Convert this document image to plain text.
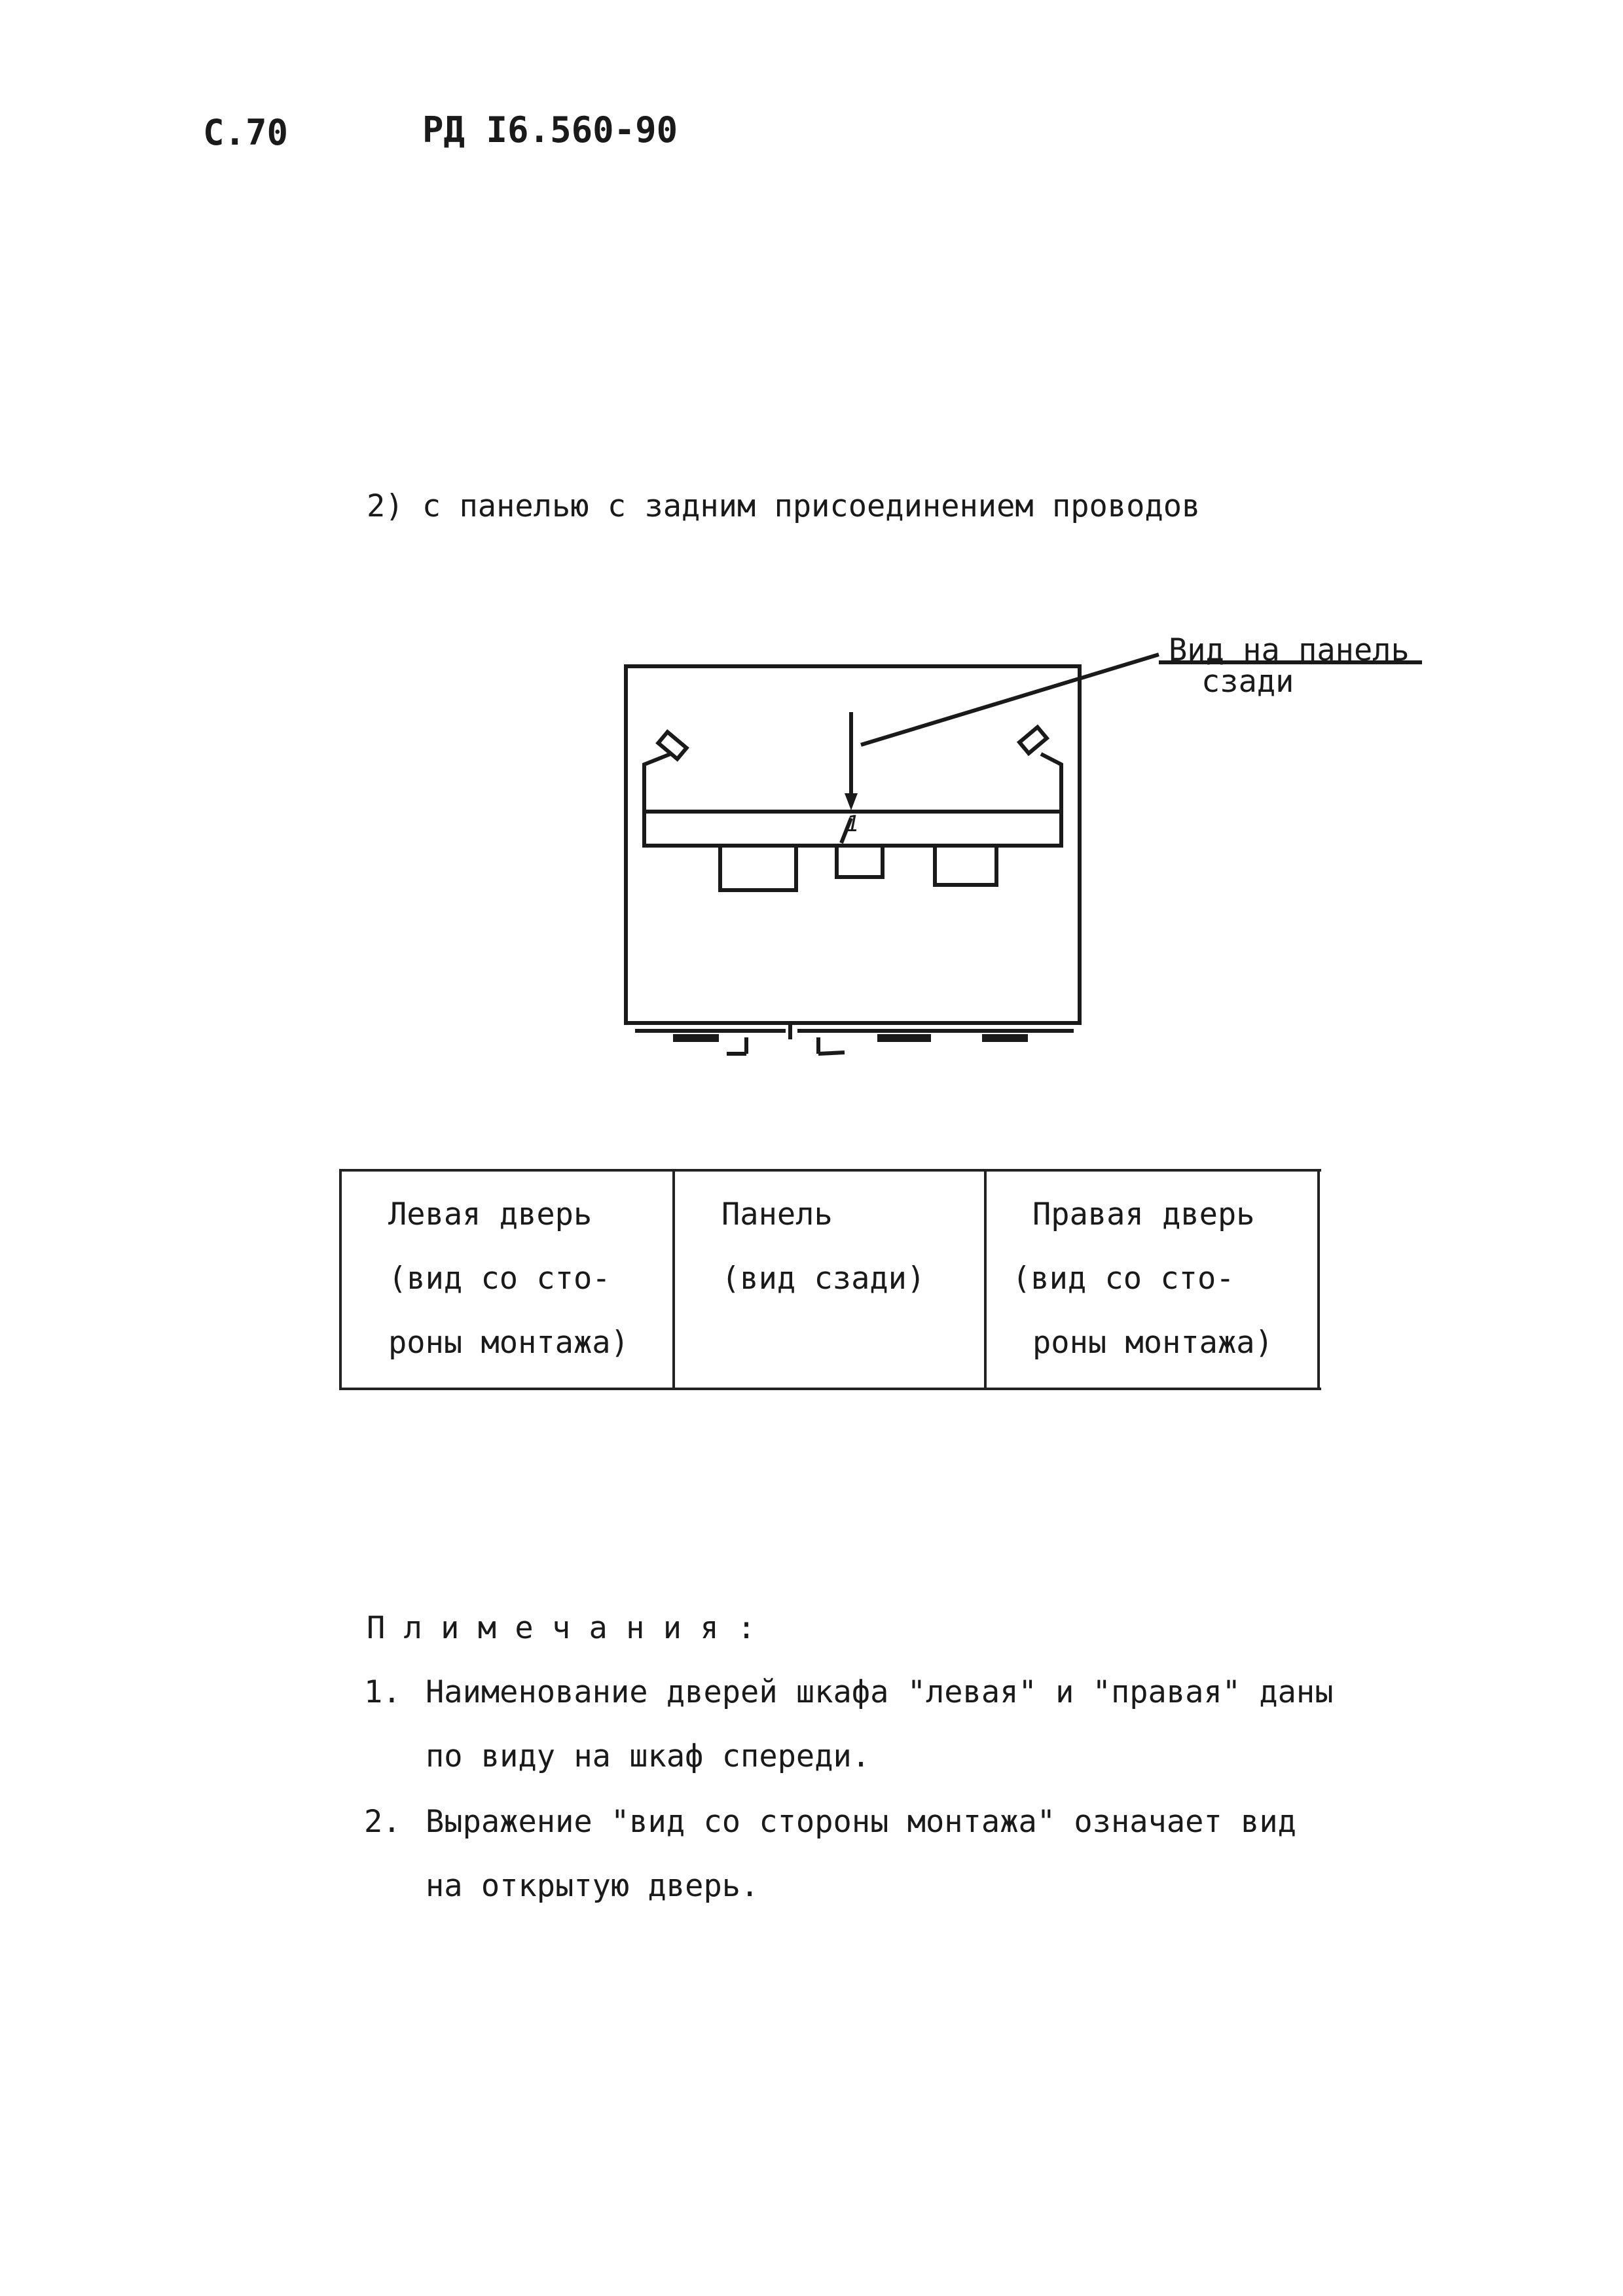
С.70	РД I6.560-90
2) с панелью с задним присоединением проводов
Вид на панель
сзади
1
Левая дверь
(вид со сто-
роны монтажа)
Панель
(вид сзади)
Правая дверь
(вид со сто-
роны монтажа)
П л и м е ч а н и я :
1. Наименование дверей шкафа "левая" и "правая" даны
по виду на шкаф спереди.
2. Выражение "вид со стороны монтажа" означает вид
на открытую дверь.
